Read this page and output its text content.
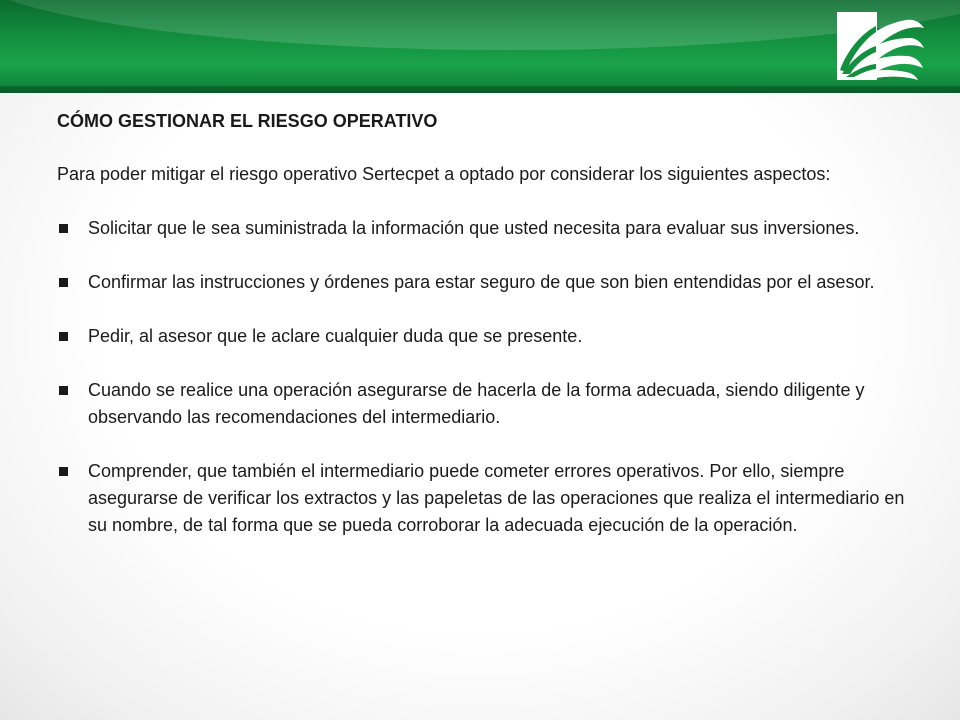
CÓMO GESTIONAR EL RIESGO OPERATIVO
Para poder mitigar el riesgo operativo Sertecpet a optado por considerar los siguientes aspectos:
Solicitar que le sea suministrada la información que usted necesita para evaluar sus inversiones.
Confirmar las instrucciones y órdenes para estar seguro de que son bien entendidas por el asesor.
Pedir, al asesor que le aclare cualquier duda que se presente.
Cuando se realice una operación asegurarse de hacerla de la forma adecuada, siendo diligente y observando las recomendaciones del intermediario.
Comprender, que también el intermediario puede cometer errores operativos. Por ello, siempre asegurarse de verificar los extractos y las papeletas de las operaciones que realiza el intermediario en su nombre, de tal forma que se pueda corroborar la adecuada ejecución de la operación.
